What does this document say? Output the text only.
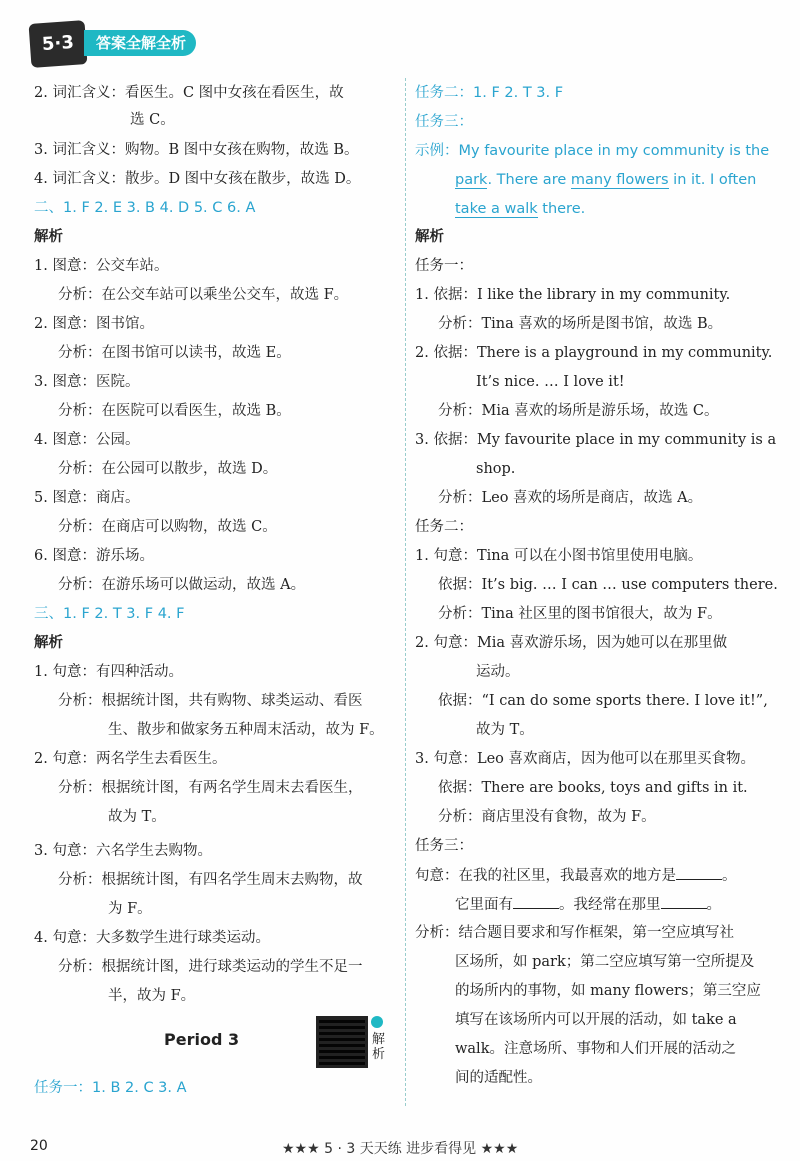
5·3	答案全解全析
2. 词汇含义：看医生。C 图中女孩在看医生，故
选 C。
3. 词汇含义：购物。B 图中女孩在购物，故选 B。
4. 词汇含义：散步。D 图中女孩在散步，故选 D。
二、1. F 2. E 3. B 4. D 5. C 6. A
解析
1. 图意：公交车站。
分析：在公交车站可以乘坐公交车，故选 F。
2. 图意：图书馆。
分析：在图书馆可以读书，故选 E。
3. 图意：医院。
分析：在医院可以看医生，故选 B。
4. 图意：公园。
分析：在公园可以散步，故选 D。
5. 图意：商店。
分析：在商店可以购物，故选 C。
6. 图意：游乐场。
分析：在游乐场可以做运动，故选 A。
三、1. F 2. T 3. F 4. F
解析
1. 句意：有四种活动。
分析：根据统计图，共有购物、球类运动、看医
生、散步和做家务五种周末活动，故为 F。
2. 句意：两名学生去看医生。
分析：根据统计图，有两名学生周末去看医生，
故为 T。
3. 句意：六名学生去购物。
分析：根据统计图，有四名学生周末去购物，故
为 F。
4. 句意：大多数学生进行球类运动。
分析：根据统计图，进行球类运动的学生不足一
半，故为 F。
Period 3	解析
任务一：1. B 2. C 3. A
任务二：1. F 2. T 3. F
任务三：
示例：My favourite place in my community is the
park. There are many flowers in it. I often
take a walk there.
解析
任务一：
1. 依据：I like the library in my community.
分析：Tina 喜欢的场所是图书馆，故选 B。
2. 依据：There is a playground in my community.
It’s nice. … I love it!
分析：Mia 喜欢的场所是游乐场，故选 C。
3. 依据：My favourite place in my community is a
shop.
分析：Leo 喜欢的场所是商店，故选 A。
任务二：
1. 句意：Tina 可以在小图书馆里使用电脑。
依据：It’s big. … I can … use computers there.
分析：Tina 社区里的图书馆很大，故为 F。
2. 句意：Mia 喜欢游乐场，因为她可以在那里做
运动。
依据：“I can do some sports there. I love it!”,
故为 T。
3. 句意：Leo 喜欢商店，因为他可以在那里买食物。
依据：There are books, toys and gifts in it.
分析：商店里没有食物，故为 F。
任务三：
句意：在我的社区里，我最喜欢的地方是	。
它里面有	。我经常在那里	。
分析：结合题目要求和写作框架，第一空应填写社
区场所，如 park；第二空应填写第一空所提及
的场所内的事物，如 many flowers；第三空应
填写在该场所内可以开展的活动，如 take a
walk。注意场所、事物和人们开展的活动之
间的适配性。
20	★★★ 5 · 3 天天练 进步看得见 ★★★
